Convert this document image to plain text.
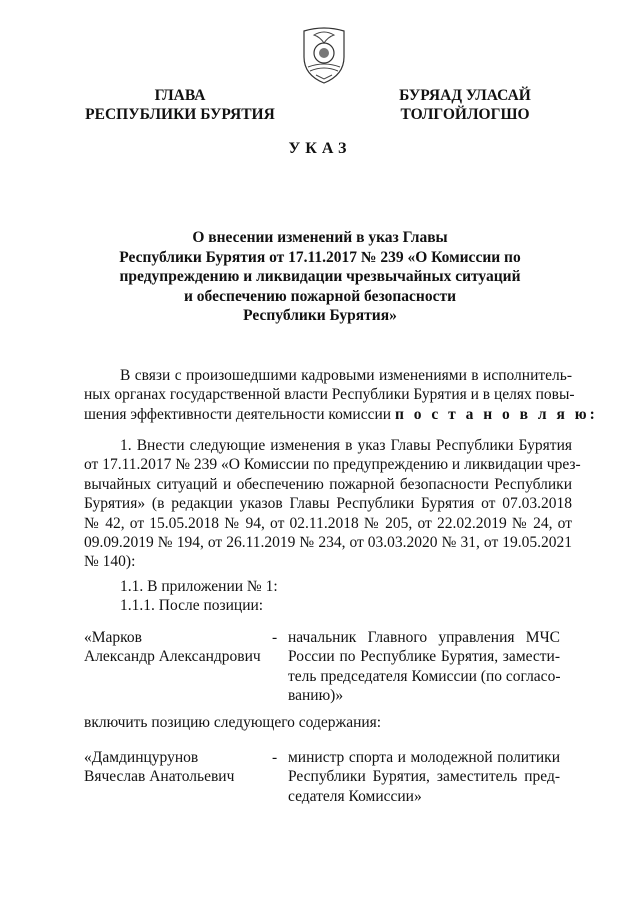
ГЛАВА
РЕСПУБЛИКИ БУРЯТИЯ
БУРЯАД УЛАСАЙ
ТОЛГОЙЛОГШО
УКАЗ
О внесении изменений в указ Главы
Республики Бурятия от 17.11.2017 № 239 «О Комиссии по
предупреждению и ликвидации чрезвычайных ситуаций
и обеспечению пожарной безопасности
Республики Бурятия»
В связи с произошедшими кадровыми изменениями в исполнитель-
ных органах государственной власти Республики Бурятия и в целях повы-
шения эффективности деятельности комиссии п о с т а н о в л я ю:
1. Внести следующие изменения в указ Главы Республики Бурятия
от 17.11.2017 № 239 «О Комиссии по предупреждению и ликвидации чрез-
вычайных ситуаций и обеспечению пожарной безопасности Республики
Бурятия» (в редакции указов Главы Республики Бурятия от 07.03.2018
№ 42, от 15.05.2018 № 94, от 02.11.2018 № 205, от 22.02.2019 № 24, от
09.09.2019 № 194, от 26.11.2019 № 234, от 03.03.2020 № 31, от 19.05.2021
№ 140):
1.1. В приложении № 1:
1.1.1. После позиции:
«Марков
Александр Александрович
- начальник Главного управления МЧС
России по Республике Бурятия, замести-
тель председателя Комиссии (по согласо-
ванию)»
включить позицию следующего содержания:
«Дамдинцурунов
Вячеслав Анатольевич
- министр спорта и молодежной политики
Республики Бурятия, заместитель пред-
седателя Комиссии»
